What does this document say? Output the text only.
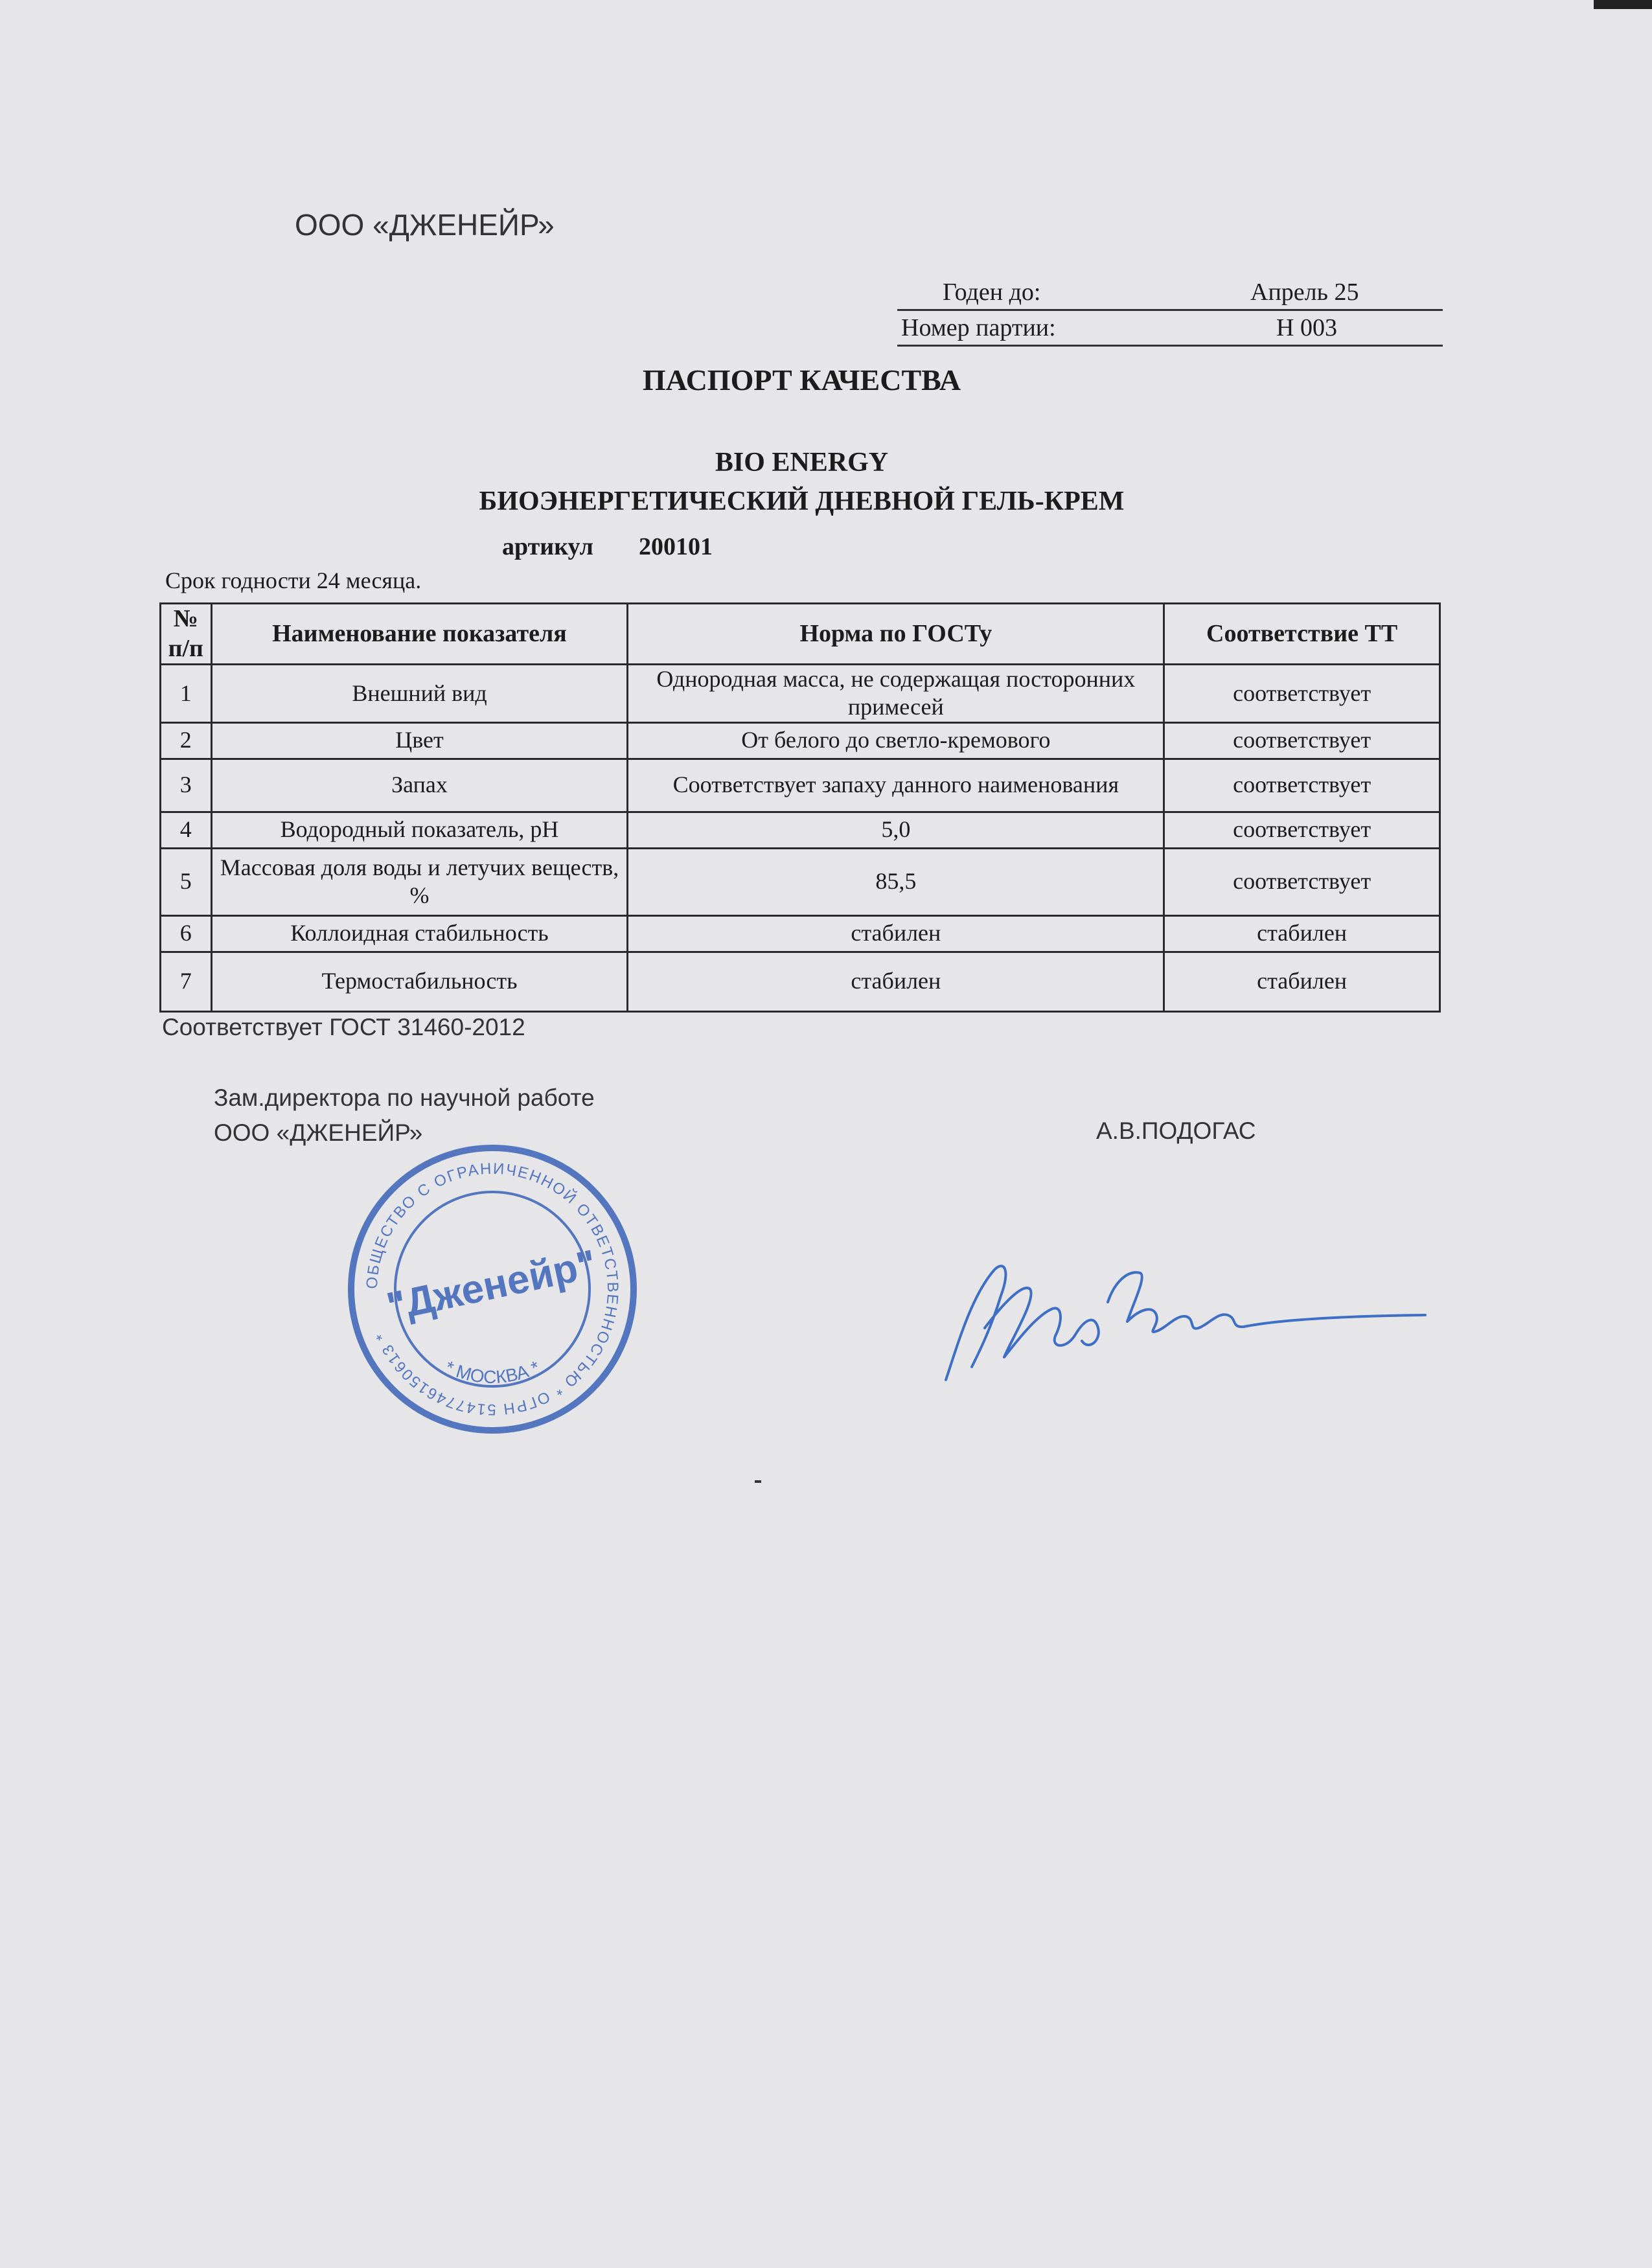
ООО «ДЖЕНЕЙР»
Годен до:	Апрель 25
Номер партии:	Н 003
ПАСПОРТ КАЧЕСТВА
BIO ENERGY
БИОЭНЕРГЕТИЧЕСКИЙ ДНЕВНОЙ ГЕЛЬ-КРЕМ
артикул 200101
Срок годности 24 месяца.
№ п/п	Наименование показателя	Норма по ГОСТу	Соответствие ТТ
1	Внешний вид	Однородная масса, не содержащая посторонних примесей	соответствует
2	Цвет	От белого до светло-кремового	соответствует
3	Запах	Соответствует запаху данного наименования	соответствует
4	Водородный показатель, pH	5,0	соответствует
5	Массовая доля воды и летучих веществ, %	85,5	соответствует
6	Коллоидная стабильность	стабилен	стабилен
7	Термостабильность	стабилен	стабилен
Соответствует ГОСТ 31460-2012
Зам.директора по научной работе
ООО «ДЖЕНЕЙР»	А.В.ПОДОГАС
ОБЩЕСТВО С ОГРАНИЧЕННОЙ ОТВЕТСТВЕННОСТЬЮ * ОГРН 5147746150613 *
"Дженейр"
* МОСКВА *
